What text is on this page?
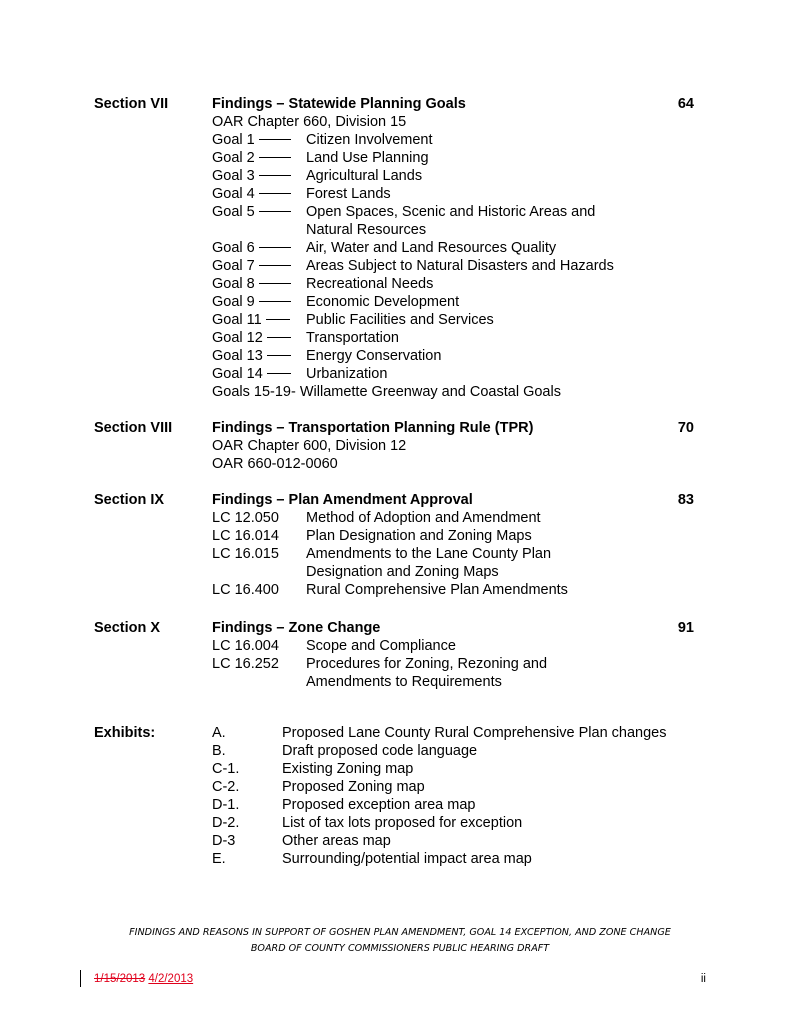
Section VII	Findings – Statewide Planning Goals	64
OAR Chapter 660, Division 15
Goal 1	Citizen Involvement
Goal 2	Land Use Planning
Goal 3	Agricultural Lands
Goal 4	Forest Lands
Goal 5	Open Spaces, Scenic and Historic Areas and
Natural Resources
Goal 6	Air, Water and Land Resources Quality
Goal 7	Areas Subject to Natural Disasters and Hazards
Goal 8	Recreational Needs
Goal 9	Economic Development
Goal 11	Public Facilities and Services
Goal 12	Transportation
Goal 13	Energy Conservation
Goal 14	Urbanization
Goals 15-19- Willamette Greenway and Coastal Goals
Section VIII	Findings – Transportation Planning Rule (TPR)	70
OAR Chapter 600, Division 12
OAR 660-012-0060
Section IX	Findings – Plan Amendment Approval	83
LC 12.050 Method of Adoption and Amendment
LC 16.014 Plan Designation and Zoning Maps
LC 16.015 Amendments to the Lane County Plan
Designation and Zoning Maps
LC 16.400 Rural Comprehensive Plan Amendments
Section X	Findings – Zone Change	91
LC 16.004 Scope and Compliance
LC 16.252 Procedures for Zoning, Rezoning and
Amendments to Requirements
Exhibits:	A.	Proposed Lane County Rural Comprehensive Plan changes
B.	Draft proposed code language
C-1.	Existing Zoning map
C-2.	Proposed Zoning map
D-1.	Proposed exception area map
D-2.	List of tax lots proposed for exception
D-3	Other areas map
E.	Surrounding/potential impact area map
FINDINGS AND REASONS IN SUPPORT OF GOSHEN PLAN AMENDMENT, GOAL 14 EXCEPTION, AND ZONE CHANGE
BOARD OF COUNTY COMMISSIONERS PUBLIC HEARING DRAFT
1/15/2013 4/2/2013	ii
